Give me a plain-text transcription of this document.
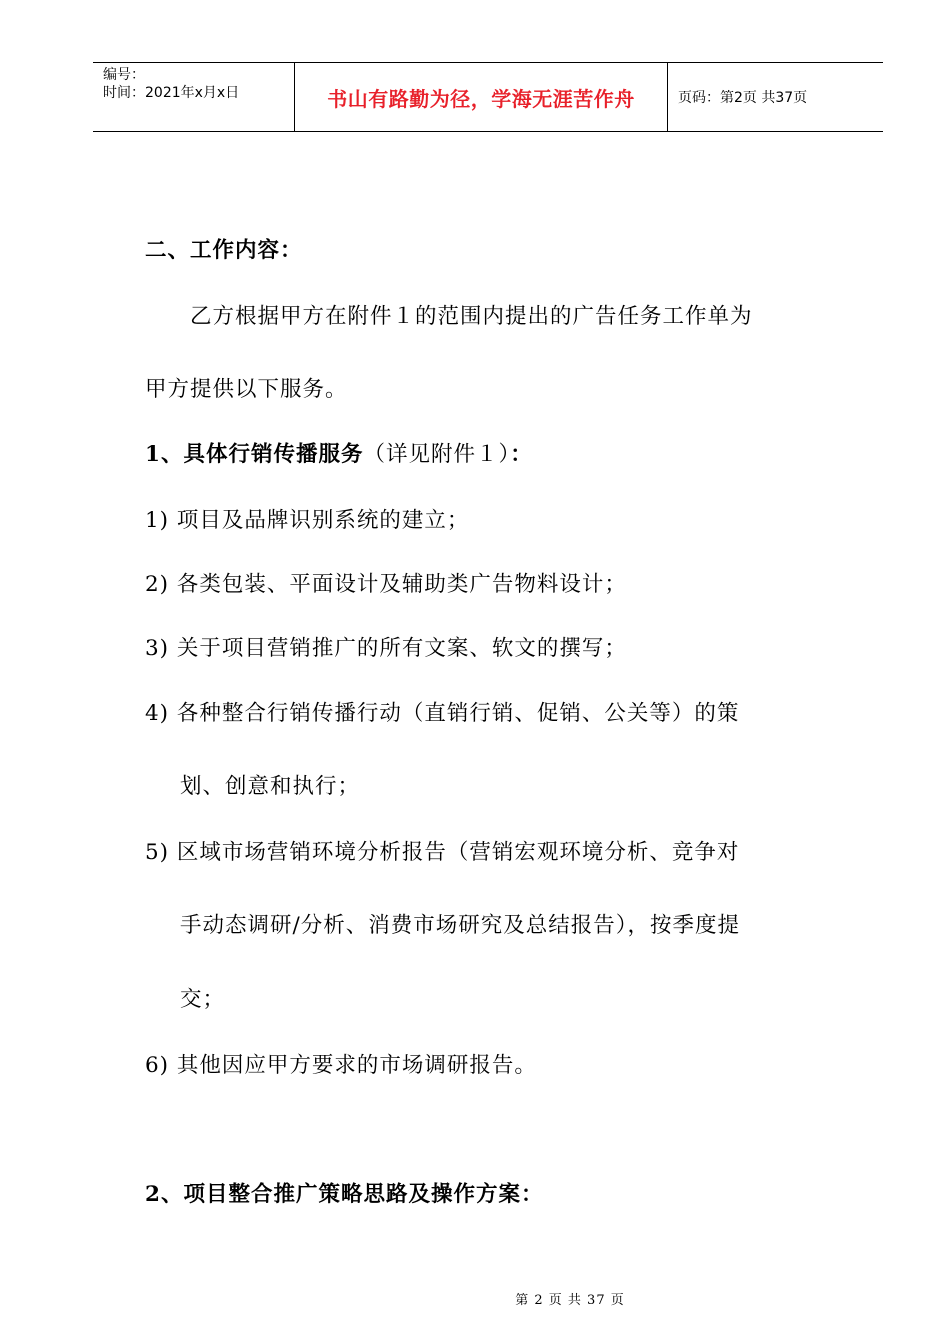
编号：
时间：2021年x月x日	书山有路勤为径，学海无涯苦作舟	页码：第2页 共37页
二、工作内容：
乙方根据甲方在附件１的范围内提出的广告任务工作单为
甲方提供以下服务。
1、具体行销传播服务（详见附件１）：
1) 项目及品牌识别系统的建立；
2) 各类包装、平面设计及辅助类广告物料设计；
3) 关于项目营销推广的所有文案、软文的撰写；
4) 各种整合行销传播行动（直销行销、促销、公关等）的策
划、创意和执行；
5) 区域市场营销环境分析报告（营销宏观环境分析、竞争对
手动态调研/分析、消费市场研究及总结报告），按季度提
交；
6) 其他因应甲方要求的市场调研报告。
2、项目整合推广策略思路及操作方案：
第 2 页 共 37 页
